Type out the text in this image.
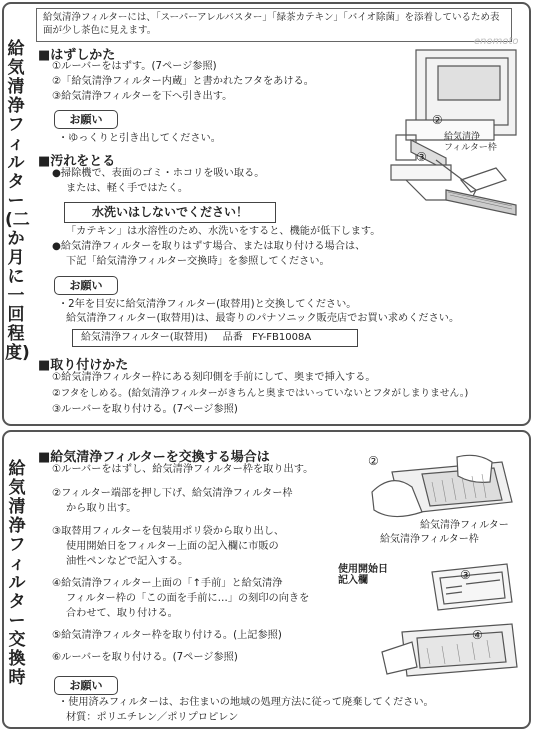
給気清浄フィルター(二か月に一回程度)
給気清浄フィルターには、「スーパーアレルバスター」「緑茶カテキン」「バイオ除菌」を添着しているため表面が少し茶色に見えます。
enomoto
■はずしかた
①ルーバーをはずす。(7ページ参照)
②「給気清浄フィルター内蔵」と書かれたフタをあける。
③給気清浄フィルターを下へ引き出す。
お願い
・ゆっくりと引き出してください。
■汚れをとる
●掃除機で、表面のゴミ・ホコリを吸い取る。
または、軽く手ではたく。
水洗いはしないでください！
「カテキン」は水溶性のため、水洗いをすると、機能が低下します。
●給気清浄フィルターを取りはずす場合、または取り付ける場合は、
下記「給気清浄フィルター交換時」を参照してください。
お願い
・2年を目安に給気清浄フィルター(取替用)と交換してください。
給気清浄フィルター(取替用)は、最寄りのパナソニック販売店でお買い求めください。
給気清浄フィルター(取替用) 品番 FY-FB1008A
■取り付けかた
①給気清浄フィルター枠にある刻印側を手前にして、奥まで挿入する。
②フタをしめる。(給気清浄フィルターがきちんと奥まではいっていないとフタがしまりません。)
③ルーバーを取り付ける。(7ページ参照)
②
③
給気清浄
フィルター枠
給気清浄フィルター交換時
■給気清浄フィルターを交換する場合は
①ルーバーをはずし、給気清浄フィルター枠を取り出す。
②フィルター端部を押し下げ、給気清浄フィルター枠
から取り出す。
③取替用フィルターを包装用ポリ袋から取り出し、
使用開始日をフィルター上面の記入欄に市販の
油性ペンなどで記入する。
④給気清浄フィルター上面の「↑手前」と給気清浄
フィルター枠の「この面を手前に…」の刻印の向きを
合わせて、取り付ける。
⑤給気清浄フィルター枠を取り付ける。(上記参照)
⑥ルーバーを取り付ける。(7ページ参照)
お願い
・使用済みフィルターは、お住まいの地域の処理方法に従って廃棄してください。
材質：ポリエチレン／ポリプロピレン
②
③
④
給気清浄フィルター
給気清浄フィルター枠
使用開始日
記入欄
